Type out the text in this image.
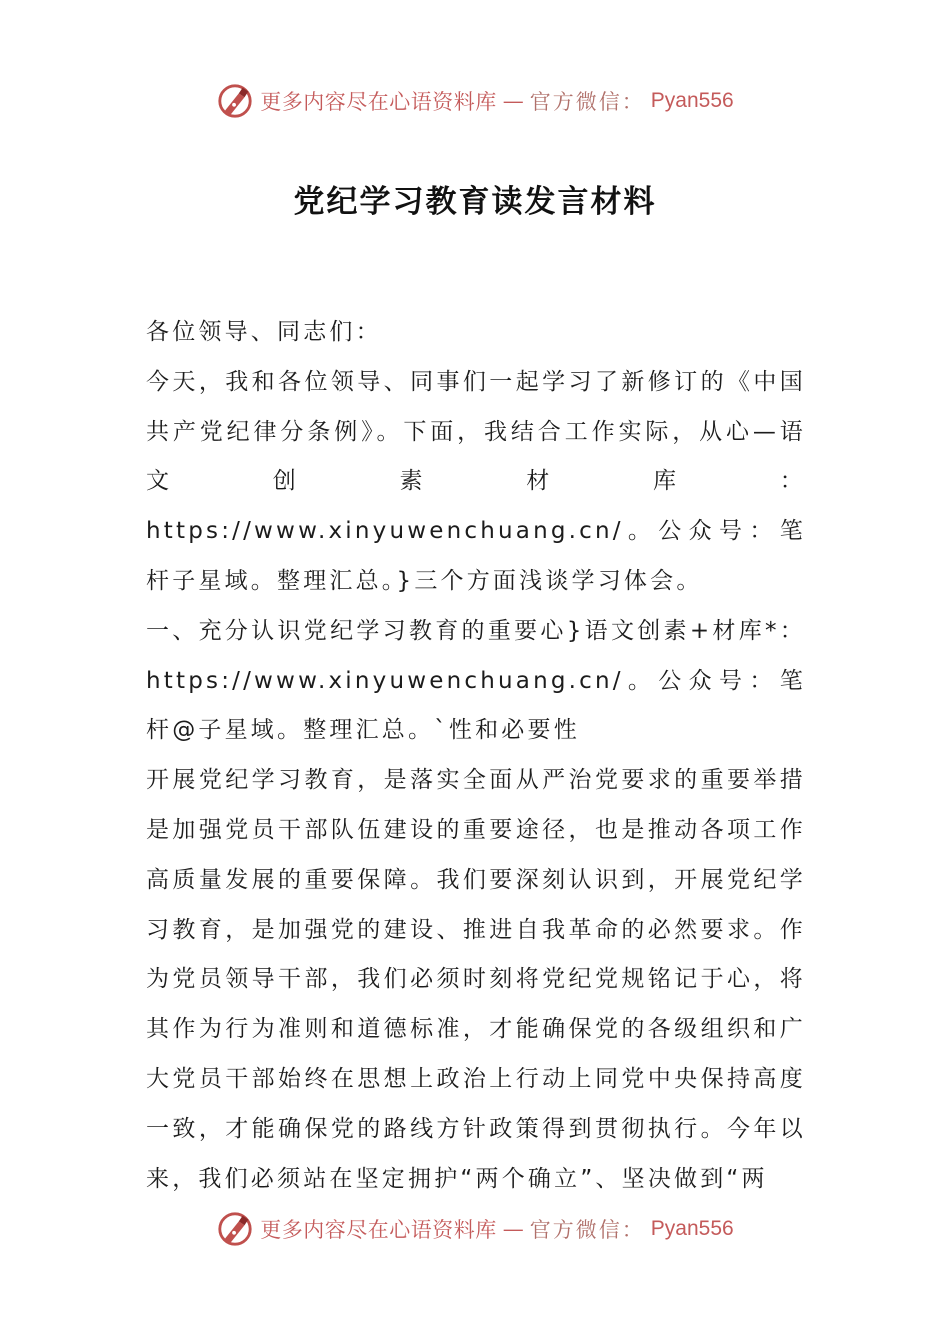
更多内容尽在心语资料库 — 官方微信： Pyan556
党纪学习教育读发言材料

各位领导、同志们：

今天，我和各位领导、同事们一起学习了新修订的《中国共产党纪律分条例》。下面，我结合工作实际，从心—语文创素材库：https://www.xinyuwenchuang.cn/。公众号：笔杆子星域。整理汇总。}三个方面浅谈学习体会。

一、充分认识党纪学习教育的重要心}语文创素+材库*：https://www.xinyuwenchuang.cn/。公众号：笔杆@子星域。整理汇总。`性和必要性

开展党纪学习教育，是落实全面从严治党要求的重要举措是加强党员干部队伍建设的重要途径，也是推动各项工作高质量发展的重要保障。我们要深刻认识到，开展党纪学习教育，是加强党的建设、推进自我革命的必然要求。作为党员领导干部，我们必须时刻将党纪党规铭记于心，将其作为行为准则和道德标准，才能确保党的各级组织和广大党员干部始终在思想上政治上行动上同党中央保持高度一致，才能确保党的路线方针政策得到贯彻执行。今年以来，我们必须站在坚定拥护“两个确立”、坚决做到“两

更多内容尽在心语资料库 — 官方微信： Pyan556
